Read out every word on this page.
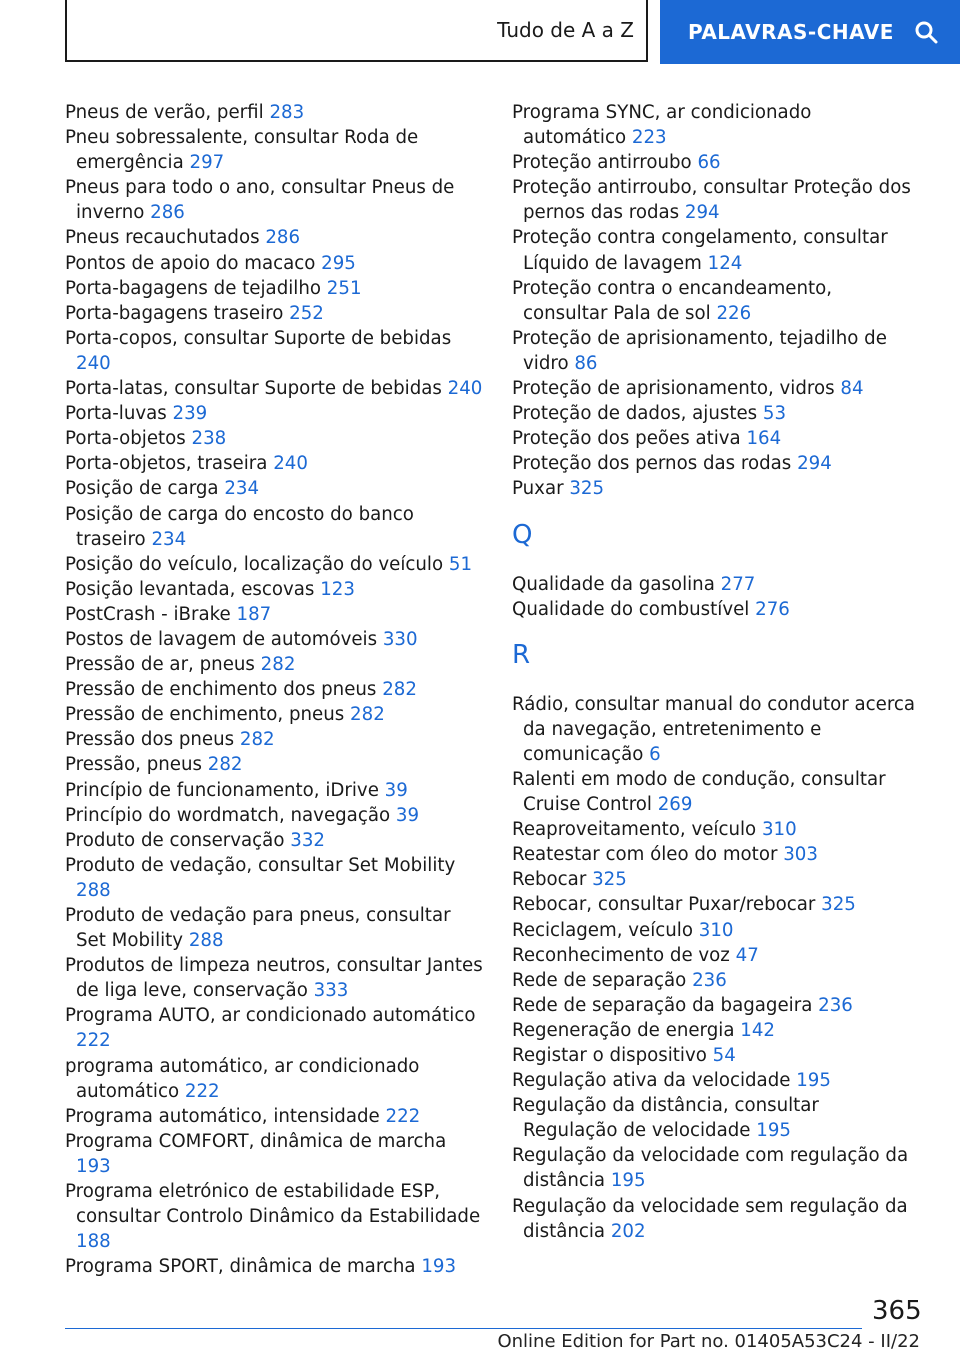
Tudo de A a Z	PALAVRAS-CHAVE

Pneus de verão, perfil 283

Pneu sobressalente, consultar Roda de emergência 297

Pneus para todo o ano, consultar Pneus de inverno 286

Pneus recauchutados 286

Pontos de apoio do macaco 295

Porta-bagagens de tejadilho 251

Porta-bagagens traseiro 252

Porta-copos, consultar Suporte de bebidas 240

Porta-latas, consultar Suporte de bebidas 240

Porta-luvas 239

Porta-objetos 238

Porta-objetos, traseira 240

Posição de carga 234

Posição de carga do encosto do banco traseiro 234

Posição do veículo, localização do veículo 51

Posição levantada, escovas 123

PostCrash - iBrake 187

Postos de lavagem de automóveis 330

Pressão de ar, pneus 282

Pressão de enchimento dos pneus 282

Pressão de enchimento, pneus 282

Pressão dos pneus 282

Pressão, pneus 282

Princípio de funcionamento, iDrive 39

Princípio do wordmatch, navegação 39

Produto de conservação 332

Produto de vedação, consultar Set Mobility 288

Produto de vedação para pneus, consultar Set Mobility 288

Produtos de limpeza neutros, consultar Jantes de liga leve, conservação 333

Programa AUTO, ar condicionado automático 222

programa automático, ar condicionado automático 222

Programa automático, intensidade 222

Programa COMFORT, dinâmica de marcha 193

Programa eletrónico de estabilidade ESP, consultar Controlo Dinâmico da Estabilidade 188

Programa SPORT, dinâmica de marcha 193

Programa SYNC, ar condicionado automático 223

Proteção antirroubo 66

Proteção antirroubo, consultar Proteção dos pernos das rodas 294

Proteção contra congelamento, consultar Líquido de lavagem 124

Proteção contra o encandeamento, consultar Pala de sol 226

Proteção de aprisionamento, tejadilho de vidro 86

Proteção de aprisionamento, vidros 84

Proteção de dados, ajustes 53

Proteção dos peões ativa 164

Proteção dos pernos das rodas 294

Puxar 325

Q

Qualidade da gasolina 277

Qualidade do combustível 276

R

Rádio, consultar manual do condutor acerca da navegação, entretenimento e comunicação 6

Ralenti em modo de condução, consultar Cruise Control 269

Reaproveitamento, veículo 310

Reatestar com óleo do motor 303

Rebocar 325

Rebocar, consultar Puxar/rebocar 325

Reciclagem, veículo 310

Reconhecimento de voz 47

Rede de separação 236

Rede de separação da bagageira 236

Regeneração de energia 142

Registar o dispositivo 54

Regulação ativa da velocidade 195

Regulação da distância, consultar Regulação de velocidade 195

Regulação da velocidade com regulação da distância 195

Regulação da velocidade sem regulação da distância 202

365
Online Edition for Part no. 01405A53C24 - II/22
